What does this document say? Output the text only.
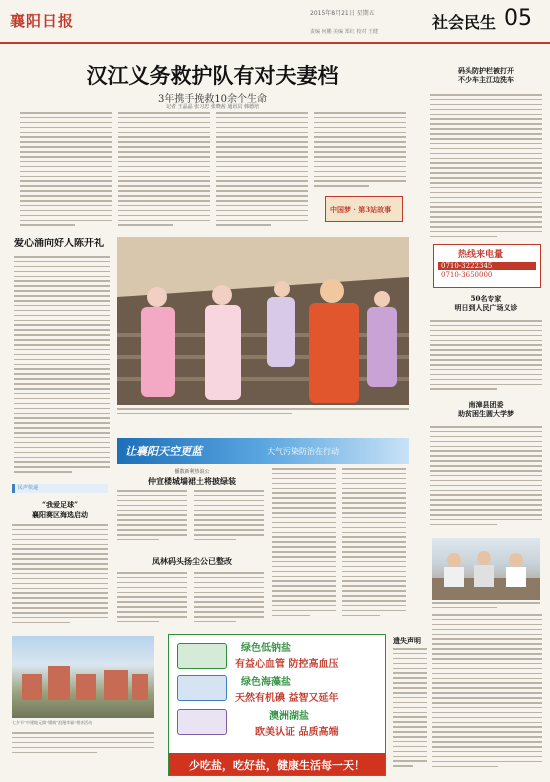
襄阳日报	2015年8月21日 星期五
责编 何鹏 美编 郑红 校对 王健	社会民生 05
汉江义务救护队有对夫妻档
3年携手挽救10余个生命
记者 王晶晶 张习忠 张晓茜 通讯员 韩德培
中国梦 · 第3站故事
爱心涌向好人陈开礼
码头防护栏被打开
不少车主江边洗车
热线来电量
0710-3222345
0710-3650000
50名专家
明日到人民广场义诊
南漳县团委
助贫困生圆大学梦
让襄阳天空更蓝	大气污染防治在行动
播散新利热浪公
仲宣楼城墙裙土将披绿装
凤林码头扬尘公已整改
民声快递
“我爱足球”
襄阳赛区海选启动
七夕节“中建地元阁”婚典“浪漫幸福”相亲活动
绿色低钠盐
有益心血管 防控高血压
绿色海藻盐
天然有机碘 益智又延年
澳洲湖盐
欧美认证 品质高端
少吃盐，吃好盐，健康生活每一天！
遗失声明
